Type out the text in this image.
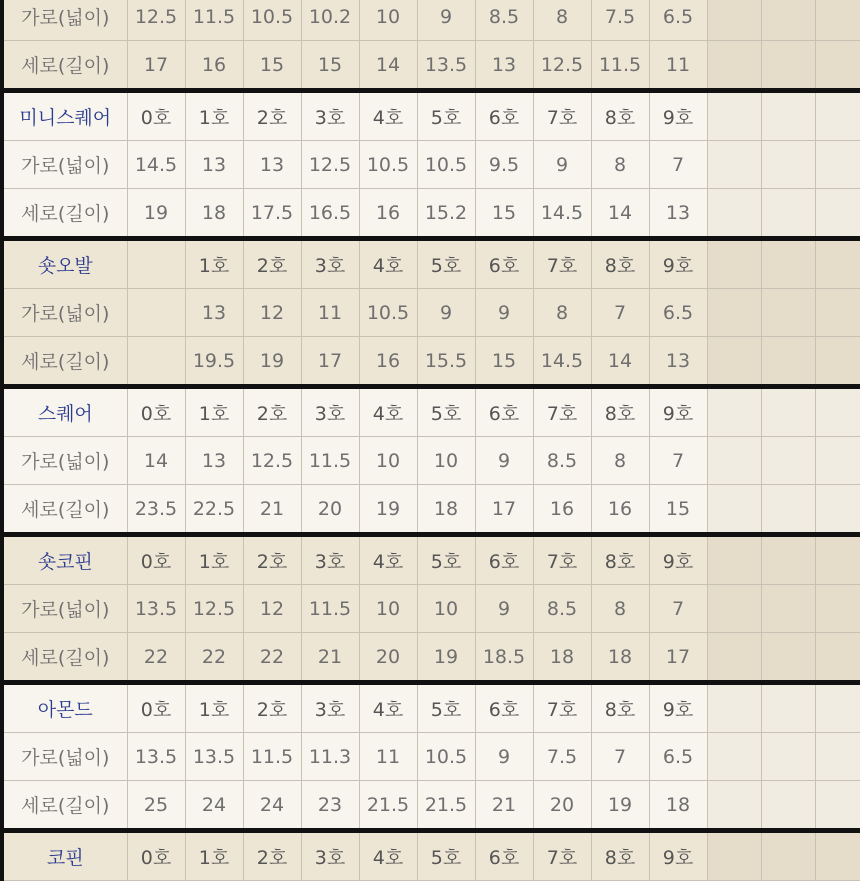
가로(넓이)	12.5	11.5	10.5	10.2	10	9	8.5	8	7.5	6.5			
세로(길이)	17	16	15	15	14	13.5	13	12.5	11.5	11			
미니스퀘어	0호	1호	2호	3호	4호	5호	6호	7호	8호	9호			
가로(넓이)	14.5	13	13	12.5	10.5	10.5	9.5	9	8	7			
세로(길이)	19	18	17.5	16.5	16	15.2	15	14.5	14	13			
숏오발		1호	2호	3호	4호	5호	6호	7호	8호	9호			
가로(넓이)		13	12	11	10.5	9	9	8	7	6.5			
세로(길이)		19.5	19	17	16	15.5	15	14.5	14	13			
스퀘어	0호	1호	2호	3호	4호	5호	6호	7호	8호	9호			
가로(넓이)	14	13	12.5	11.5	10	10	9	8.5	8	7			
세로(길이)	23.5	22.5	21	20	19	18	17	16	16	15			
숏코핀	0호	1호	2호	3호	4호	5호	6호	7호	8호	9호			
가로(넓이)	13.5	12.5	12	11.5	10	10	9	8.5	8	7			
세로(길이)	22	22	22	21	20	19	18.5	18	18	17			
아몬드	0호	1호	2호	3호	4호	5호	6호	7호	8호	9호			
가로(넓이)	13.5	13.5	11.5	11.3	11	10.5	9	7.5	7	6.5			
세로(길이)	25	24	24	23	21.5	21.5	21	20	19	18			
코핀	0호	1호	2호	3호	4호	5호	6호	7호	8호	9호			
